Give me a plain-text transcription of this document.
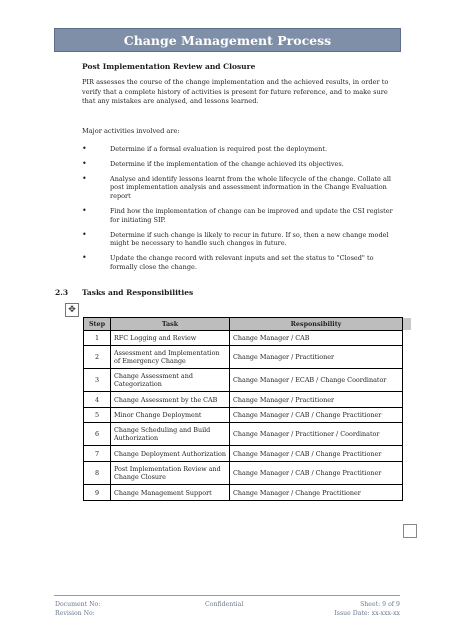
Change Management Process
Post Implementation Review and Closure
PIR assesses the course of the change implementation and the achieved results, in order to verify that a complete history of activities is present for future reference, and to make sure that any mistakes are analysed, and lessons learned.
Major activities involved are:
•	Determine if a formal evaluation is required post the deployment.
•	Determine if the implementation of the change achieved its objectives.
•	Analyse and identify lessons learnt from the whole lifecycle of the change. Collate all post implementation analysis and assessment information in the Change Evaluation report
•	Find how the implementation of change can be improved and update the CSI register for initiating SIP.
•	Determine if such change is likely to recur in future. If so, then a new change model might be necessary to handle such changes in future.
•	Update the change record with relevant inputs and set the status to "Closed" to formally close the change.
2.3 Tasks and Responsibilities
✥
Step	Task	Responsibility
1	RFC Logging and Review	Change Manager / CAB
2	Assessment and Implementation of Emergency Change	Change Manager / Practitioner
3	Change Assessment and Categorization	Change Manager / ECAB / Change Coordinator
4	Change Assessment by the CAB	Change Manager / Practitioner
5	Minor Change Deployment	Change Manager / CAB / Change Practitioner
6	Change Scheduling and Build Authorization	Change Manager / Practitioner / Coordinator
7	Change Deployment Authorization	Change Manager / CAB / Change Practitioner
8	Post Implementation Review and Change Closure	Change Manager / CAB / Change Practitioner
9	Change Management Support	Change Manager / Change Practitioner
Document No:
Revision No:
Confidential	Sheet: 9 of 9
Issue Date: xx-xxx-xx
